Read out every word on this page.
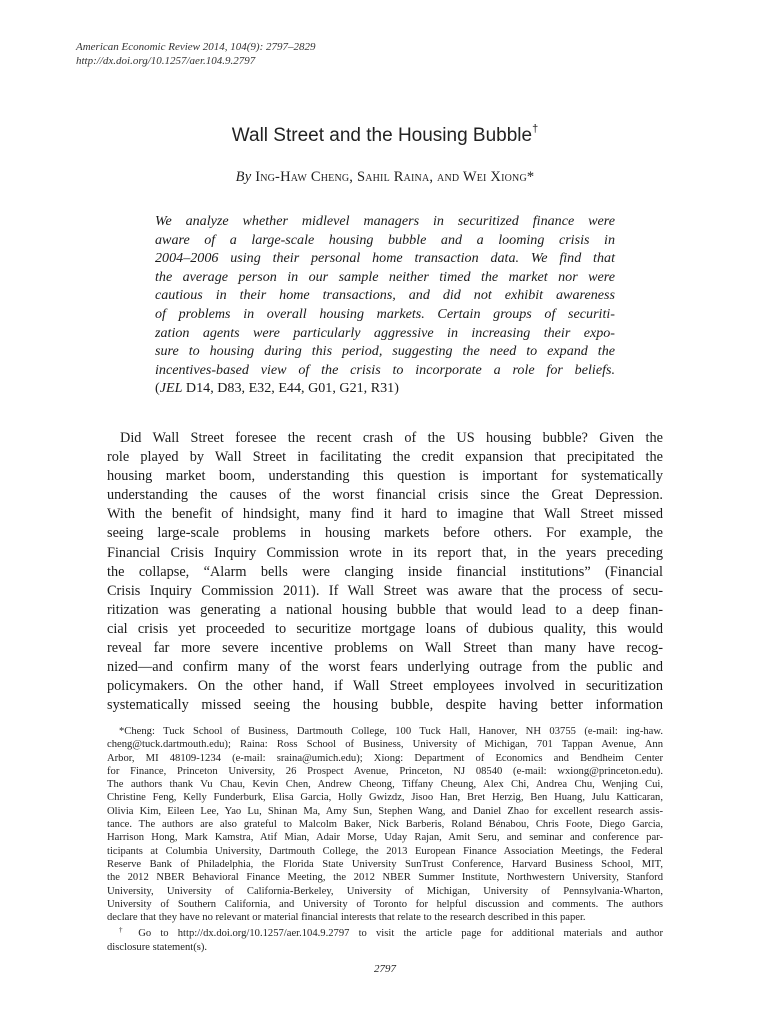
American Economic Review 2014, 104(9): 2797–2829
http://dx.doi.org/10.1257/aer.104.9.2797
Wall Street and the Housing Bubble†
By Ing-Haw Cheng, Sahil Raina, and Wei Xiong*
We analyze whether midlevel managers in securitized finance were
aware of a large-scale housing bubble and a looming crisis in
2004–2006 using their personal home transaction data. We find that
the average person in our sample neither timed the market nor were
cautious in their home transactions, and did not exhibit awareness
of problems in overall housing markets. Certain groups of securiti-
zation agents were particularly aggressive in increasing their expo-
sure to housing during this period, suggesting the need to expand the
incentives-based view of the crisis to incorporate a role for beliefs.
(JEL D14, D83, E32, E44, G01, G21, R31)
Did Wall Street foresee the recent crash of the US housing bubble? Given the
role played by Wall Street in facilitating the credit expansion that precipitated the
housing market boom, understanding this question is important for systematically
understanding the causes of the worst financial crisis since the Great Depression.
With the benefit of hindsight, many find it hard to imagine that Wall Street missed
seeing large-scale problems in housing markets before others. For example, the
Financial Crisis Inquiry Commission wrote in its report that, in the years preceding
the collapse, “Alarm bells were clanging inside financial institutions” (Financial
Crisis Inquiry Commission 2011). If Wall Street was aware that the process of secu-
ritization was generating a national housing bubble that would lead to a deep finan-
cial crisis yet proceeded to securitize mortgage loans of dubious quality, this would
reveal far more severe incentive problems on Wall Street than many have recog-
nized—and confirm many of the worst fears underlying outrage from the public and
policymakers. On the other hand, if Wall Street employees involved in securitization
systematically missed seeing the housing bubble, despite having better information
*Cheng: Tuck School of Business, Dartmouth College, 100 Tuck Hall, Hanover, NH 03755 (e-mail: ing-haw.
cheng@tuck.dartmouth.edu); Raina: Ross School of Business, University of Michigan, 701 Tappan Avenue, Ann
Arbor, MI 48109-1234 (e-mail: sraina@umich.edu); Xiong: Department of Economics and Bendheim Center
for Finance, Princeton University, 26 Prospect Avenue, Princeton, NJ 08540 (e-mail: wxiong@princeton.edu).
The authors thank Vu Chau, Kevin Chen, Andrew Cheong, Tiffany Cheung, Alex Chi, Andrea Chu, Wenjing Cui,
Christine Feng, Kelly Funderburk, Elisa Garcia, Holly Gwizdz, Jisoo Han, Bret Herzig, Ben Huang, Julu Katticaran,
Olivia Kim, Eileen Lee, Yao Lu, Shinan Ma, Amy Sun, Stephen Wang, and Daniel Zhao for excellent research assis-
tance. The authors are also grateful to Malcolm Baker, Nick Barberis, Roland Bénabou, Chris Foote, Diego Garcia,
Harrison Hong, Mark Kamstra, Atif Mian, Adair Morse, Uday Rajan, Amit Seru, and seminar and conference par-
ticipants at Columbia University, Dartmouth College, the 2013 European Finance Association Meetings, the Federal
Reserve Bank of Philadelphia, the Florida State University SunTrust Conference, Harvard Business School, MIT,
the 2012 NBER Behavioral Finance Meeting, the 2012 NBER Summer Institute, Northwestern University, Stanford
University, University of California-Berkeley, University of Michigan, University of Pennsylvania-Wharton,
University of Southern California, and University of Toronto for helpful discussion and comments. The authors
declare that they have no relevant or material financial interests that relate to the research described in this paper.
† Go to http://dx.doi.org/10.1257/aer.104.9.2797 to visit the article page for additional materials and author
disclosure statement(s).
2797
